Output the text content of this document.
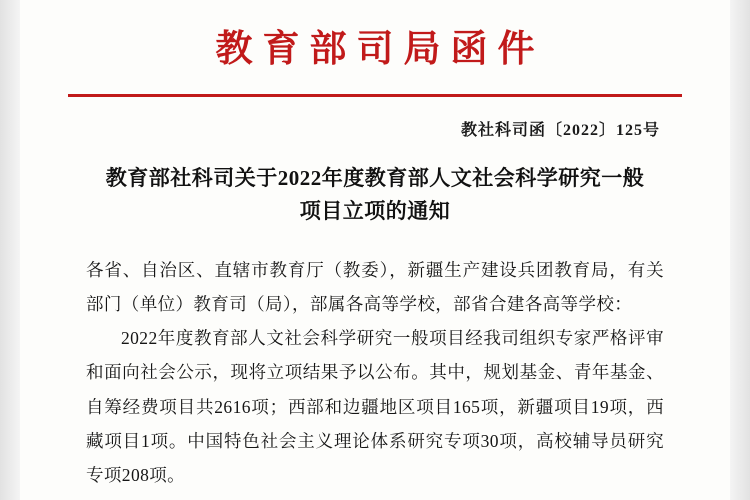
教育部司局函件
教社科司函〔2022〕125号
教育部社科司关于2022年度教育部人文社会科学研究一般项目立项的通知

各省、自治区、直辖市教育厅（教委），新疆生产建设兵团教育局，有关部门（单位）教育司（局），部属各高等学校，部省合建各高等学校：

2022年度教育部人文社会科学研究一般项目经我司组织专家严格评审和面向社会公示，现将立项结果予以公布。其中，规划基金、青年基金、自筹经费项目共2616项；西部和边疆地区项目165项，新疆项目19项，西藏项目1项。中国特色社会主义理论体系研究专项30项，高校辅导员研究专项208项。
